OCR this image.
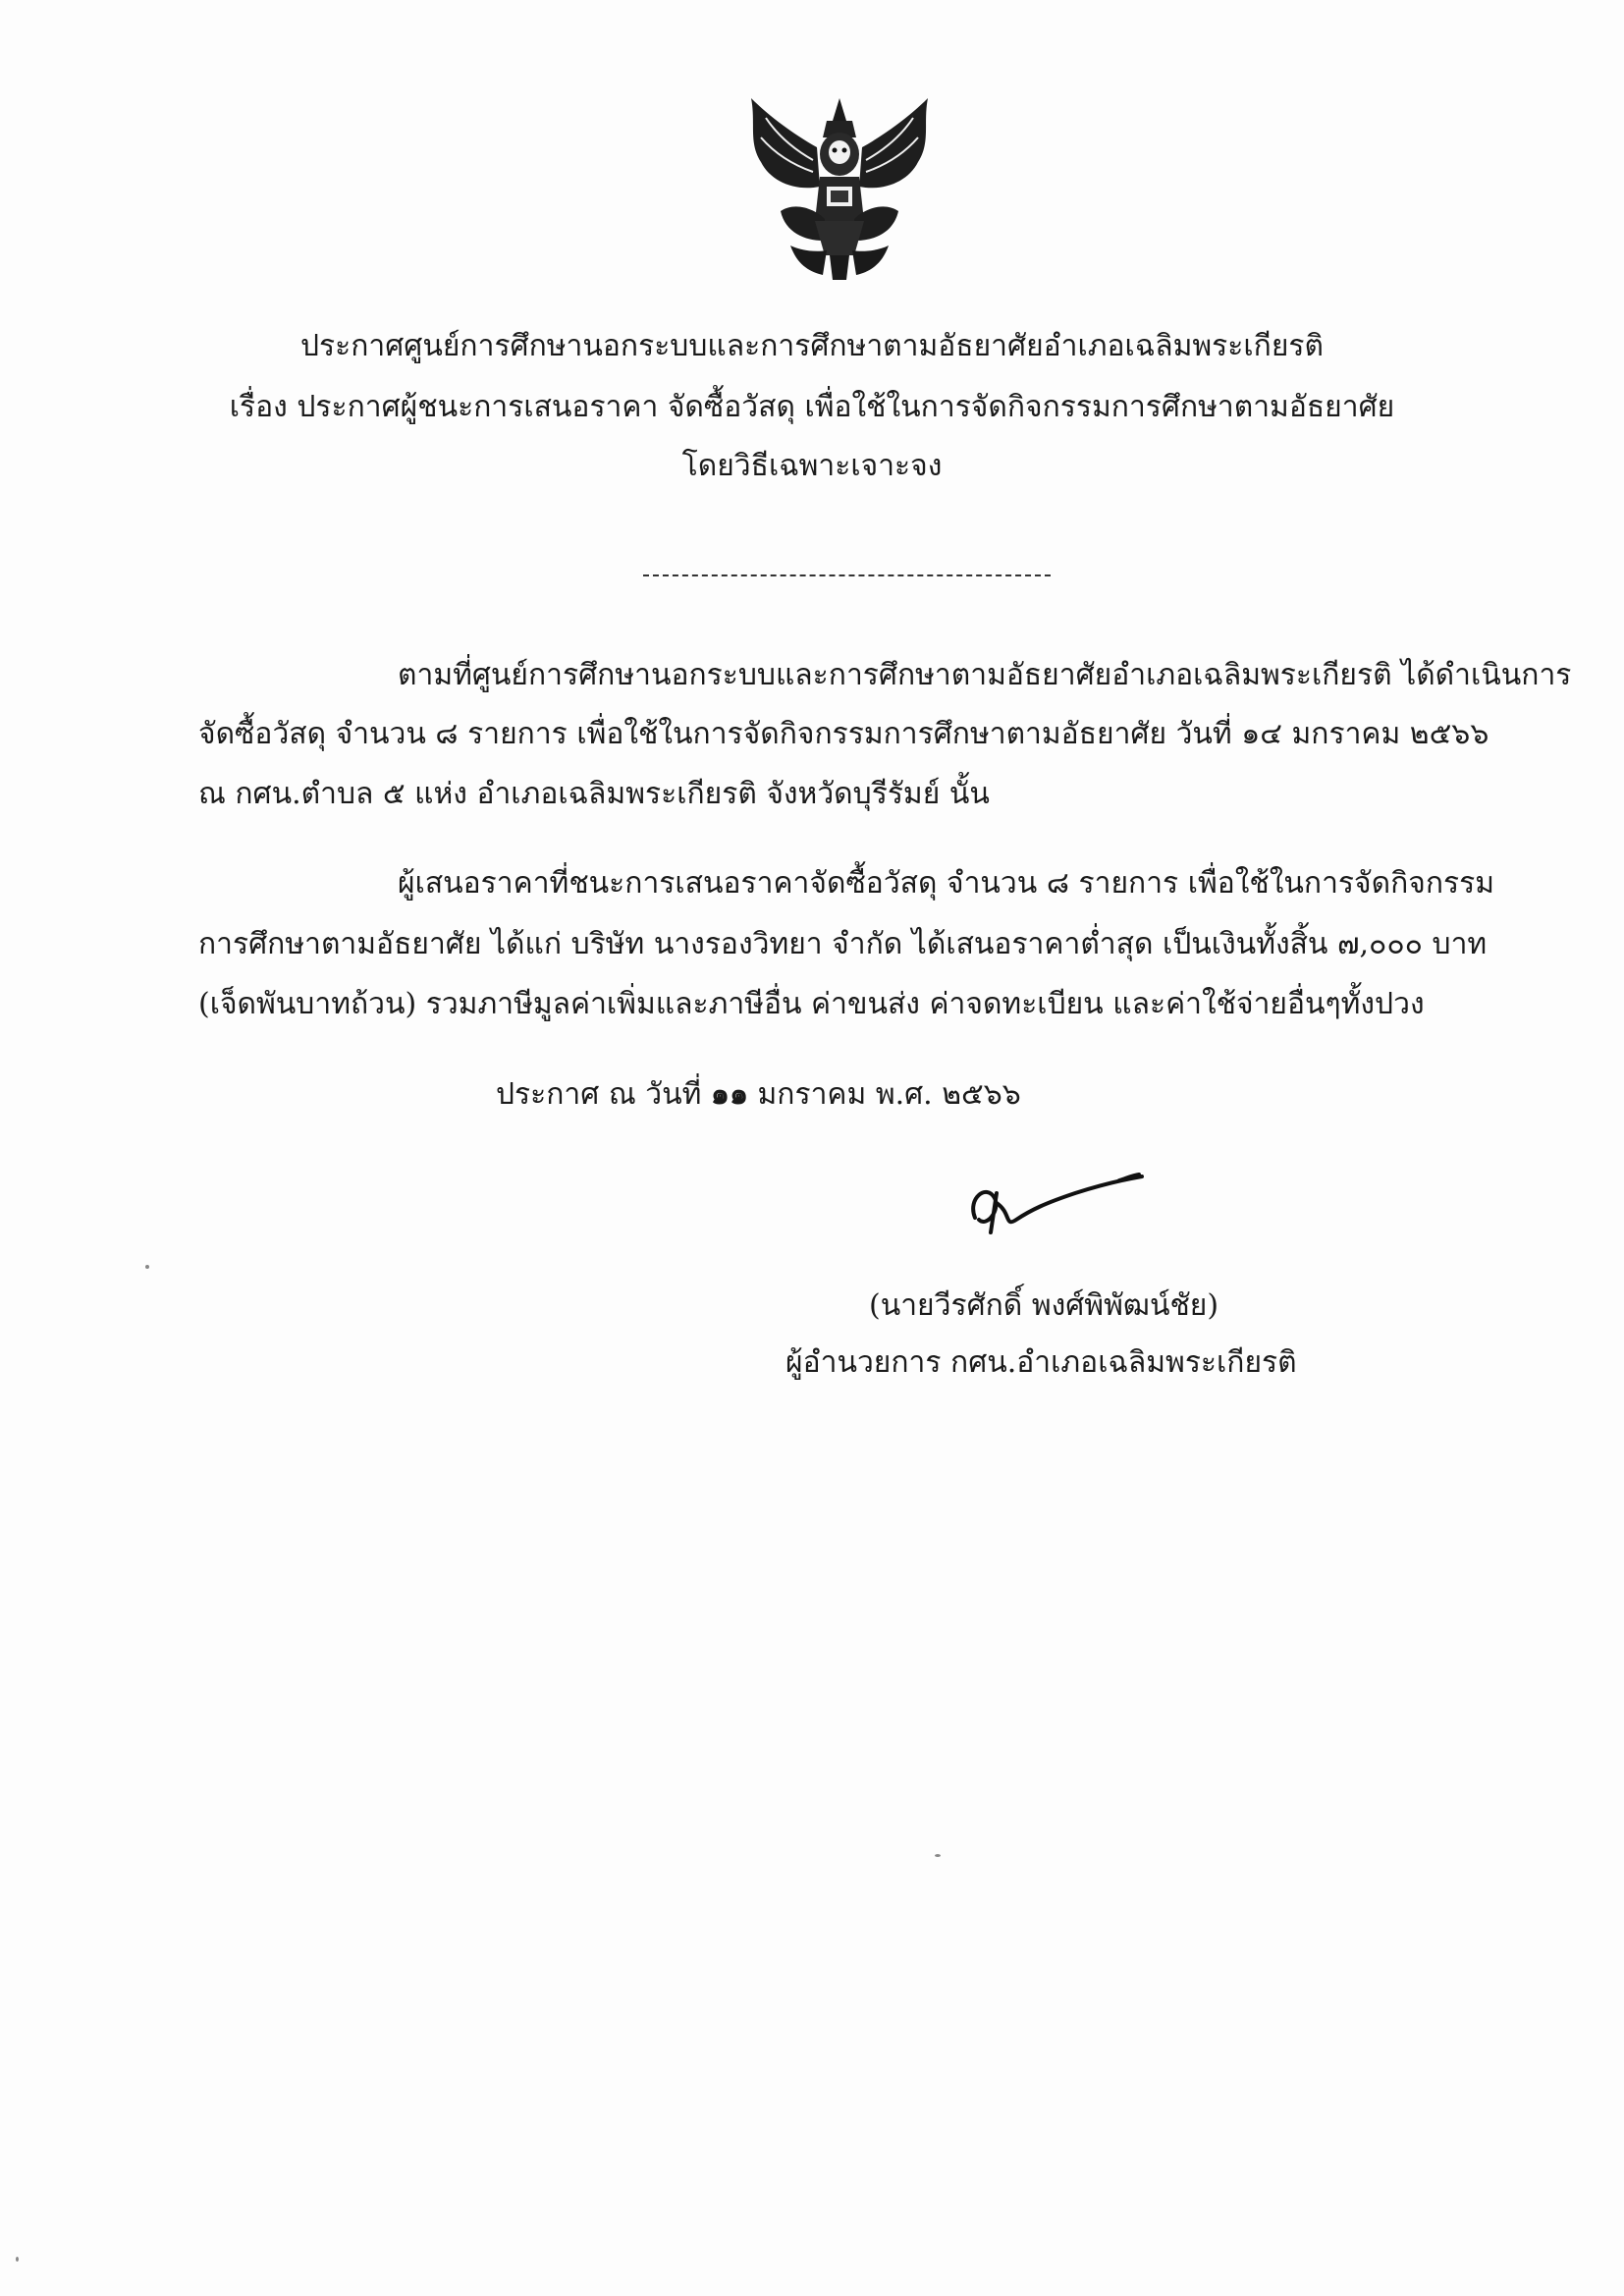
ประกาศศูนย์การศึกษานอกระบบและการศึกษาตามอัธยาศัยอำเภอเฉลิมพระเกียรติ
เรื่อง ประกาศผู้ชนะการเสนอราคา จัดซื้อวัสดุ เพื่อใช้ในการจัดกิจกรรมการศึกษาตามอัธยาศัย
โดยวิธีเฉพาะเจาะจง
ตามที่ศูนย์การศึกษานอกระบบและการศึกษาตามอัธยาศัยอำเภอเฉลิมพระเกียรติ ได้ดำเนินการ
จัดซื้อวัสดุ จำนวน ๘ รายการ เพื่อใช้ในการจัดกิจกรรมการศึกษาตามอัธยาศัย วันที่ ๑๔ มกราคม ๒๕๖๖
ณ กศน.ตำบล ๕ แห่ง อำเภอเฉลิมพระเกียรติ จังหวัดบุรีรัมย์ นั้น
ผู้เสนอราคาที่ชนะการเสนอราคาจัดซื้อวัสดุ จำนวน ๘ รายการ เพื่อใช้ในการจัดกิจกรรม
การศึกษาตามอัธยาศัย ได้แก่ บริษัท นางรองวิทยา จำกัด ได้เสนอราคาต่ำสุด เป็นเงินทั้งสิ้น ๗,๐๐๐ บาท
(เจ็ดพันบาทถ้วน) รวมภาษีมูลค่าเพิ่มและภาษีอื่น ค่าขนส่ง ค่าจดทะเบียน และค่าใช้จ่ายอื่นๆทั้งปวง
ประกาศ ณ วันที่ ๑๑ มกราคม พ.ศ. ๒๕๖๖
(นายวีรศักดิ์ พงศ์พิพัฒน์ชัย)
ผู้อำนวยการ กศน.อำเภอเฉลิมพระเกียรติ
